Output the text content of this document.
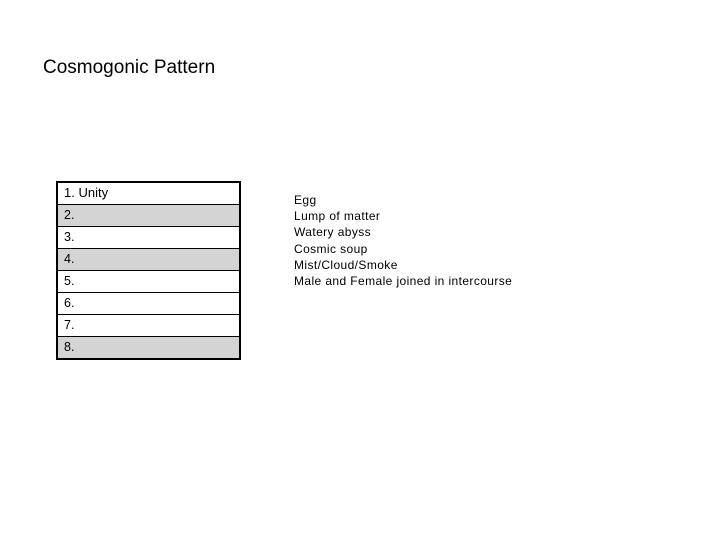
Cosmogonic Pattern
1. Unity
2.
3.
4.
5.
6.
7.
8.
Egg
Lump of matter
Watery abyss
Cosmic soup
Mist/Cloud/Smoke
Male and Female joined in intercourse
